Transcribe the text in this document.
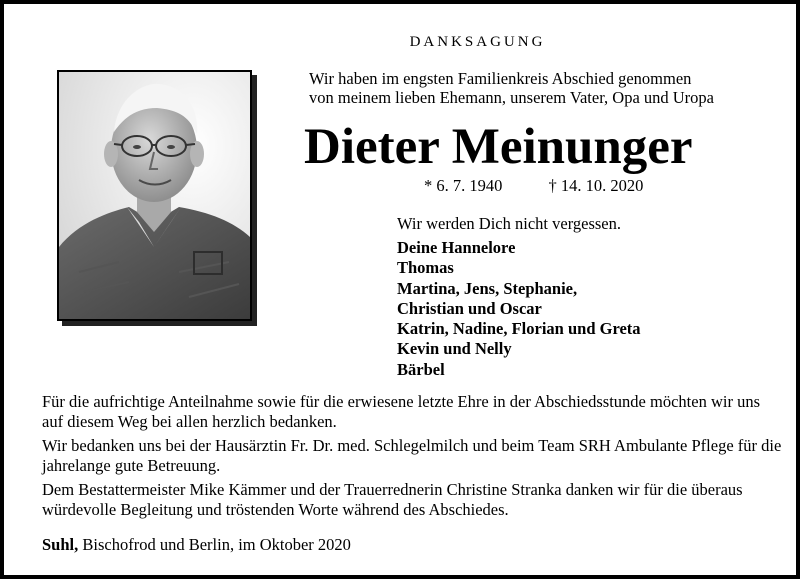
DANKSAGUNG
Wir haben im engsten Familienkreis Abschied genommen
von meinem lieben Ehemann, unserem Vater, Opa und Uropa
Dieter Meinunger
* 6. 7. 1940	† 14. 10. 2020
Wir werden Dich nicht vergessen.
Deine Hannelore
Thomas
Martina, Jens, Stephanie,
Christian und Oscar
Katrin, Nadine, Florian und Greta
Kevin und Nelly
Bärbel

Für die aufrichtige Anteilnahme sowie für die erwiesene letzte Ehre in der Abschiedsstunde möchten wir uns auf diesem Weg bei allen herzlich bedanken.

Wir bedanken uns bei der Hausärztin Fr. Dr. med. Schlegelmilch und beim Team SRH Ambulante Pflege für die jahrelange gute Betreuung.

Dem Bestattermeister Mike Kämmer und der Trauerrednerin Christine Stranka danken wir für die überaus würdevolle Begleitung und tröstenden Worte während des Abschiedes.

Suhl, Bischofrod und Berlin, im Oktober 2020
